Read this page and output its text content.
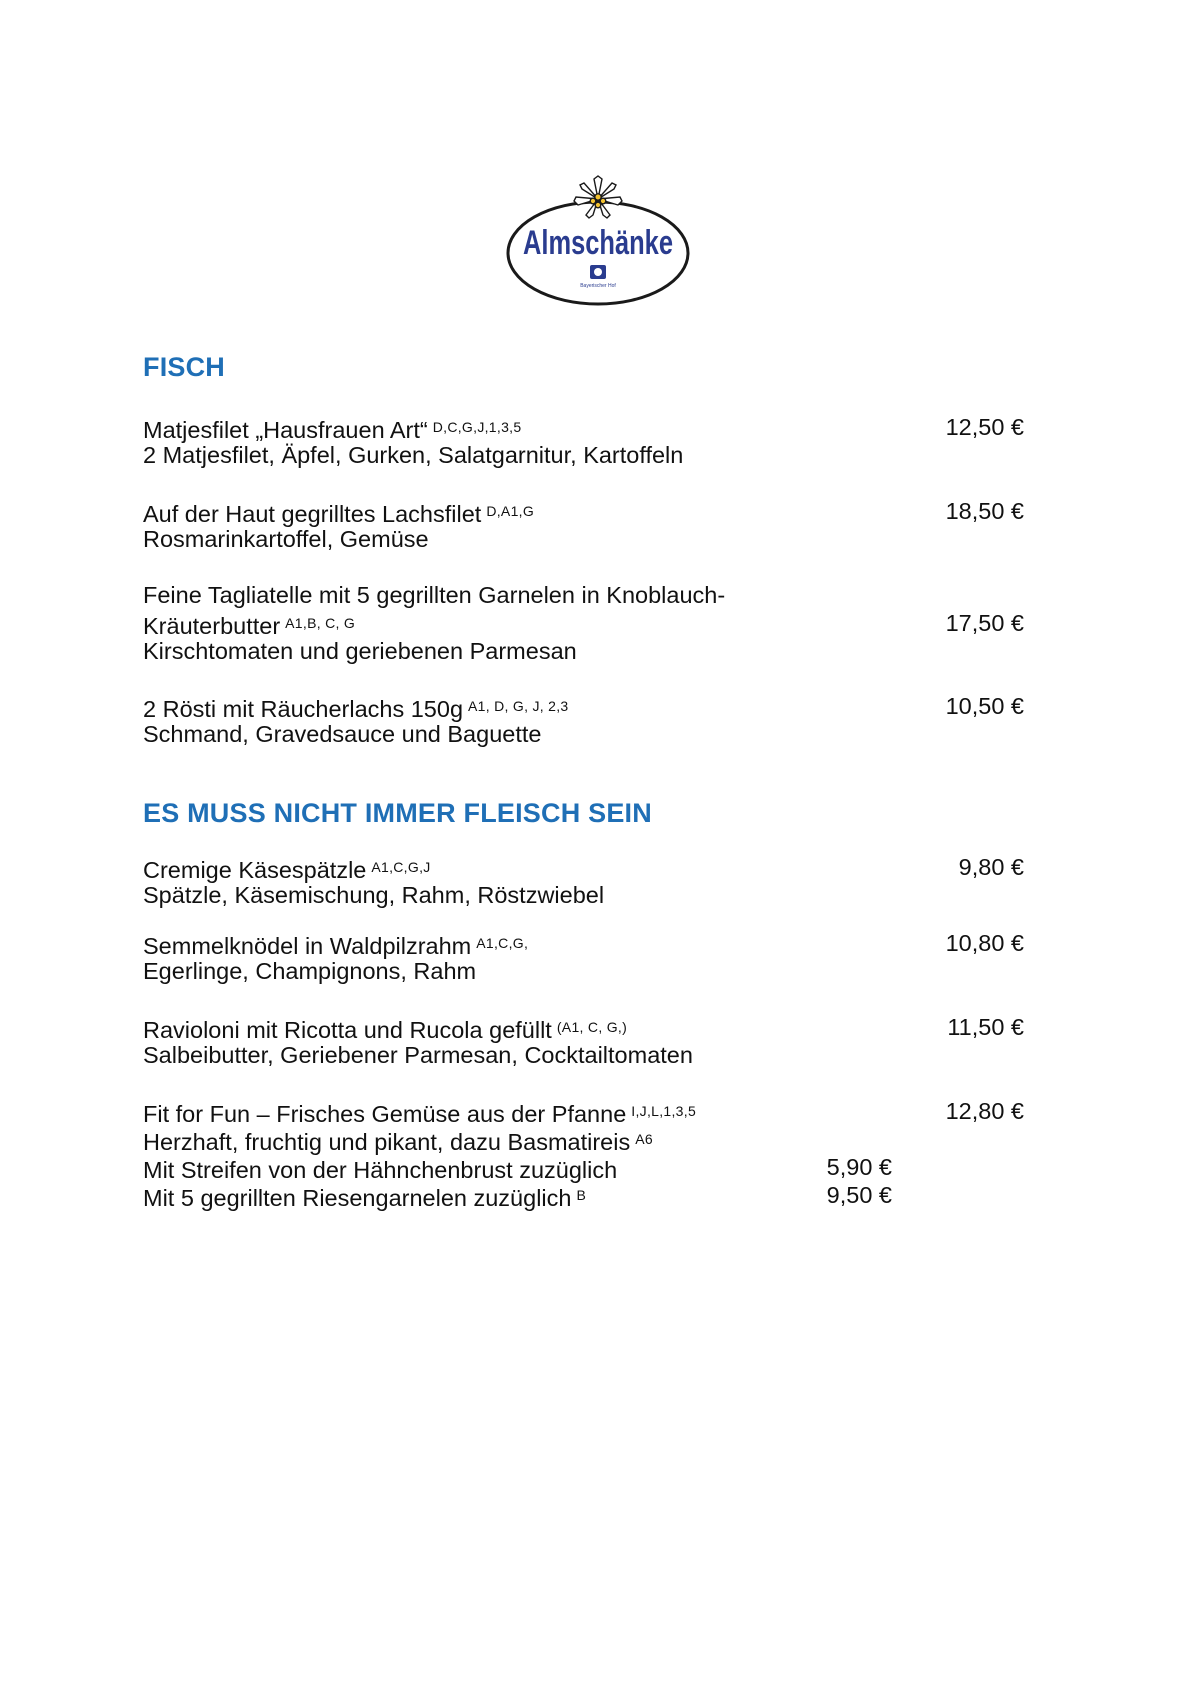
Almschänke
Bayerischer Hof
FISCH
Matjesfilet „Hausfrauen Art“ $^{D,C,G,J,1,3,5}$	12,50 €
2 Matjesfilet, Äpfel, Gurken, Salatgarnitur, Kartoffeln
Auf der Haut gegrilltes Lachsfilet $^{D,A1,G}$	18,50 €
Rosmarinkartoffel, Gemüse
Feine Tagliatelle mit 5 gegrillten Garnelen in Knoblauch-
Kräuterbutter $^{A1,B, C, G}$	17,50 €
Kirschtomaten und geriebenen Parmesan
2 Rösti mit Räucherlachs 150g $^{A1, D, G, J, 2,3}$	10,50 €
Schmand, Gravedsauce und Baguette
ES MUSS NICHT IMMER FLEISCH SEIN
Cremige Käsespätzle $^{A1,C,G,J}$	9,80 €
Spätzle, Käsemischung, Rahm, Röstzwiebel
Semmelknödel in Waldpilzrahm $^{A1,C,G,}$	10,80 €
Egerlinge, Champignons, Rahm
Ravioloni mit Ricotta und Rucola gefüllt $^{(A1, C, G,)}$	11,50 €
Salbeibutter, Geriebener Parmesan, Cocktailtomaten
Fit for Fun – Frisches Gemüse aus der Pfanne $^{I,J,L,1,3,5}$	12,80 €
Herzhaft, fruchtig und pikant, dazu Basmatireis $^{A6}$
Mit Streifen von der Hähnchenbrust zuzüglich	5,90 €
Mit 5 gegrillten Riesengarnelen zuzüglich $^B$	9,50 €
